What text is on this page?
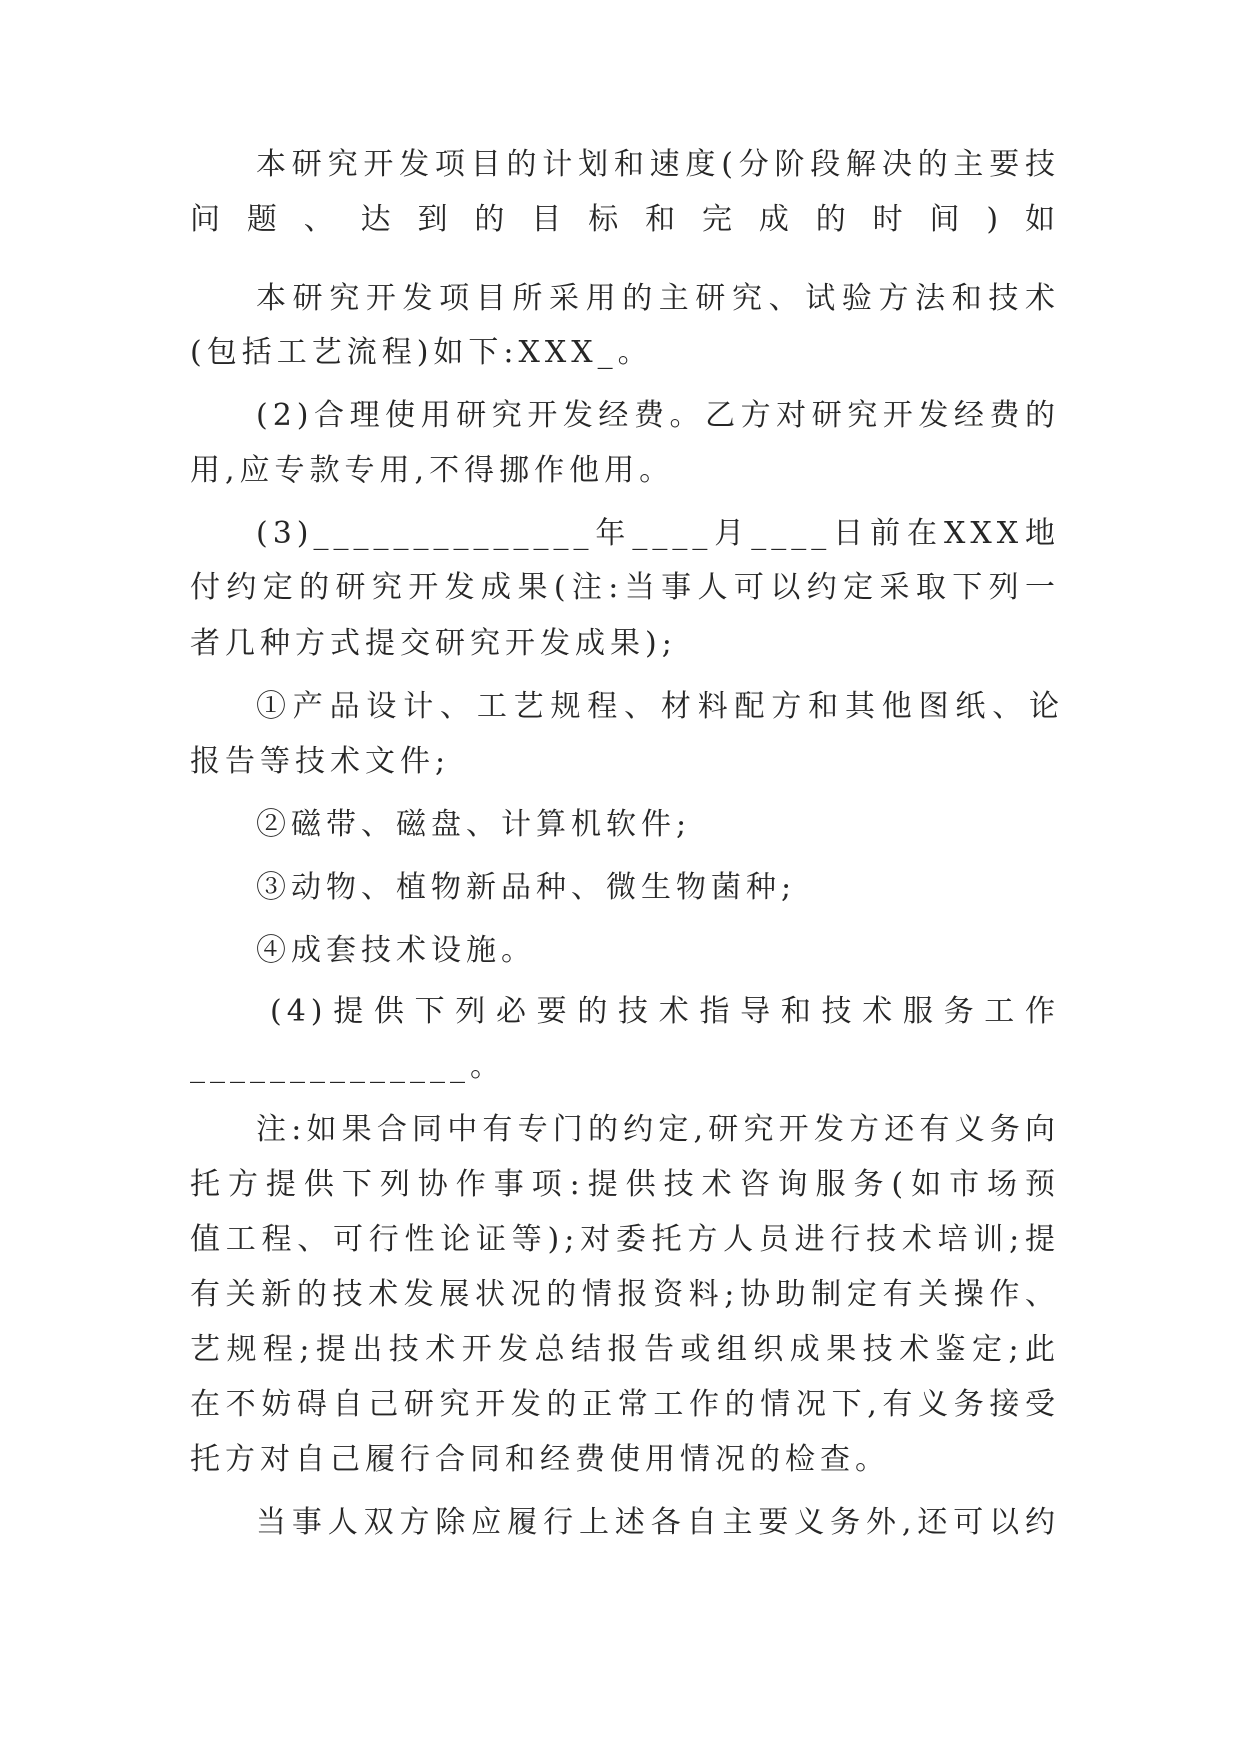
本研究开发项目的计划和速度(分阶段解决的主要技
问题、达到的目标和完成的时间)如
本研究开发项目所采用的主研究、试验方法和技术
(包括工艺流程)如下:XXX_。
(2)合理使用研究开发经费。乙方对研究开发经费的
用,应专款专用,不得挪作他用。
(3)______________年____月____日前在XXX地
付约定的研究开发成果(注:当事人可以约定采取下列一
者几种方式提交研究开发成果);
①产品设计、工艺规程、材料配方和其他图纸、论
报告等技术文件;
②磁带、磁盘、计算机软件;
③动物、植物新品种、微生物菌种;
④成套技术设施。
(4)提供下列必要的技术指导和技术服务工作
______________。
注:如果合同中有专门的约定,研究开发方还有义务向
托方提供下列协作事项:提供技术咨询服务(如市场预
值工程、可行性论证等);对委托方人员进行技术培训;提
有关新的技术发展状况的情报资料;协助制定有关操作、
艺规程;提出技术开发总结报告或组织成果技术鉴定;此
在不妨碍自己研究开发的正常工作的情况下,有义务接受
托方对自己履行合同和经费使用情况的检查。
当事人双方除应履行上述各自主要义务外,还可以约
